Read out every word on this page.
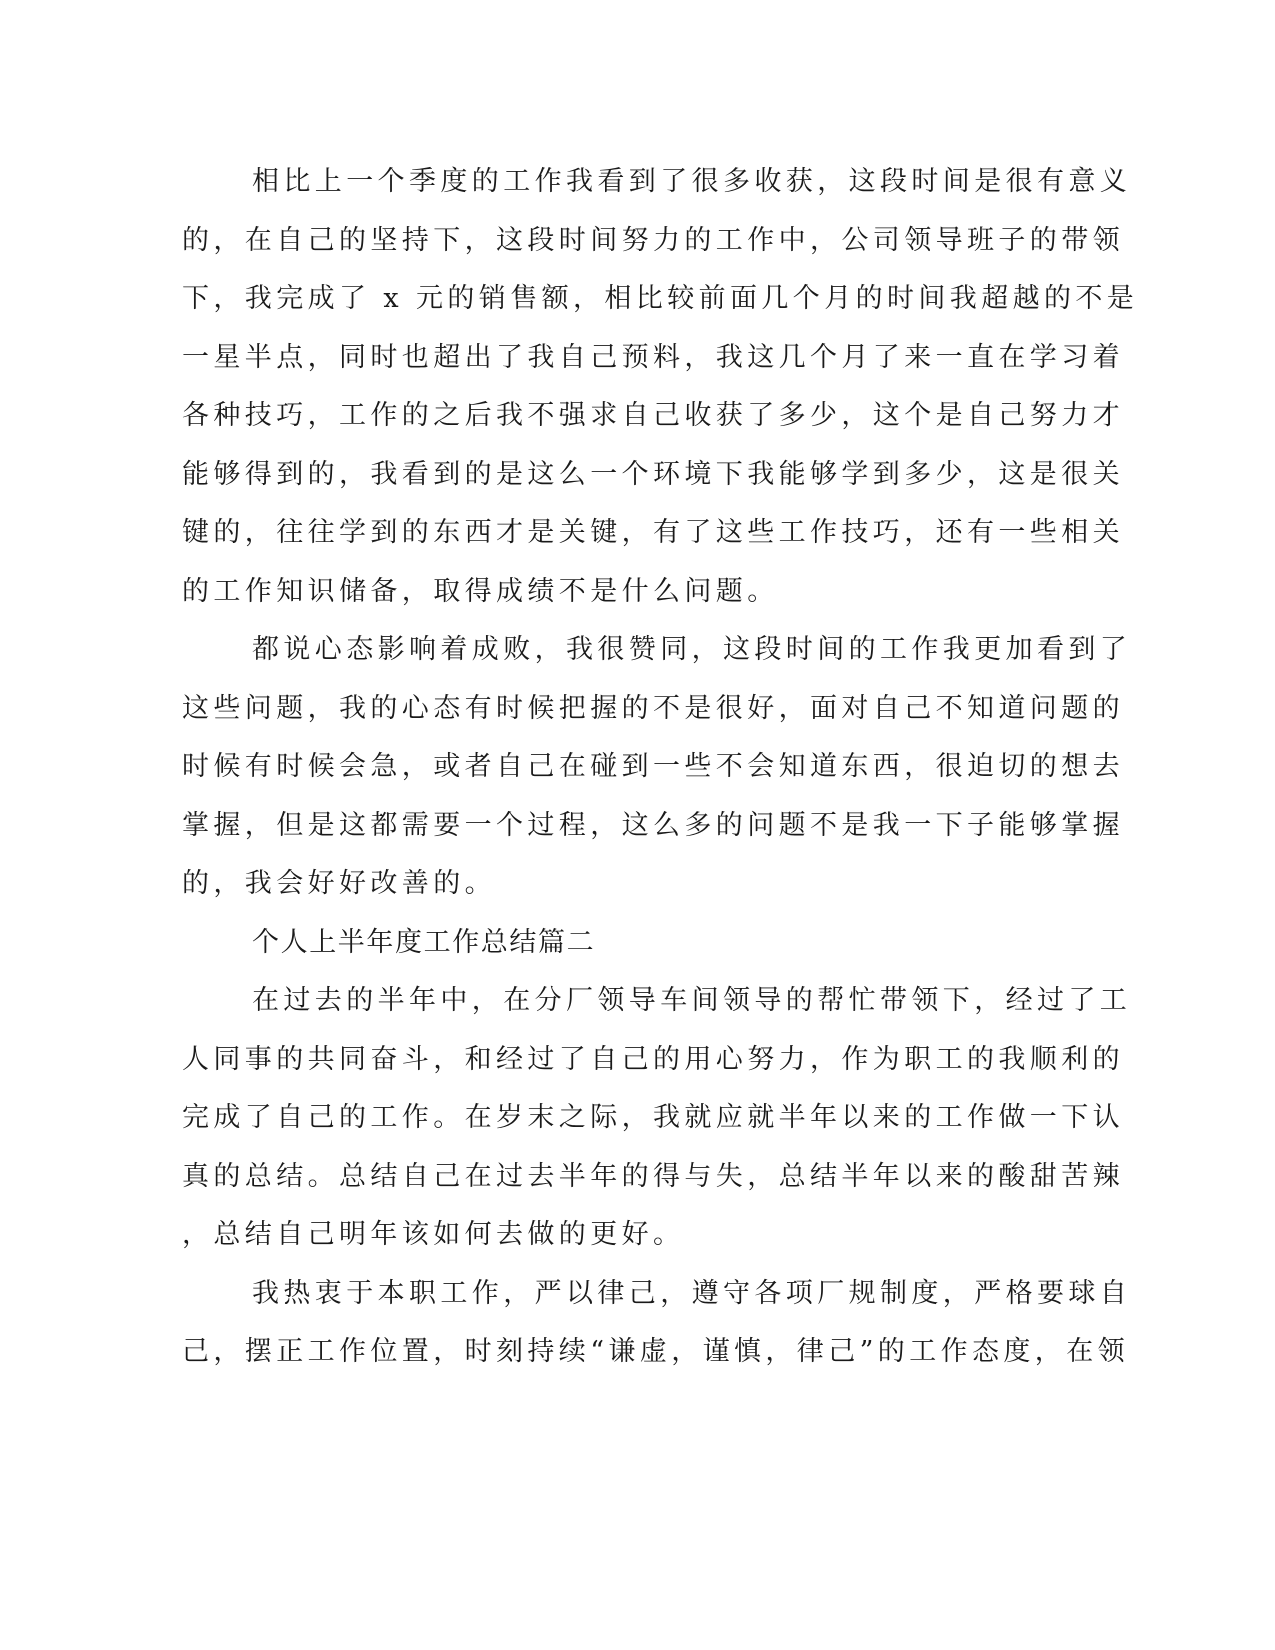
相比上一个季度的工作我看到了很多收获，这段时间是很有意义
的，在自己的坚持下，这段时间努力的工作中，公司领导班子的带领
下，我完成了 x 元的销售额，相比较前面几个月的时间我超越的不是
一星半点，同时也超出了我自己预料，我这几个月了来一直在学习着
各种技巧，工作的之后我不强求自己收获了多少，这个是自己努力才
能够得到的，我看到的是这么一个环境下我能够学到多少，这是很关
键的，往往学到的东西才是关键，有了这些工作技巧，还有一些相关
的工作知识储备，取得成绩不是什么问题。
都说心态影响着成败，我很赞同，这段时间的工作我更加看到了
这些问题，我的心态有时候把握的不是很好，面对自己不知道问题的
时候有时候会急，或者自己在碰到一些不会知道东西，很迫切的想去
掌握，但是这都需要一个过程，这么多的问题不是我一下子能够掌握
的，我会好好改善的。
个人上半年度工作总结篇二
在过去的半年中，在分厂领导车间领导的帮忙带领下，经过了工
人同事的共同奋斗，和经过了自己的用心努力，作为职工的我顺利的
完成了自己的工作。在岁末之际，我就应就半年以来的工作做一下认
真的总结。总结自己在过去半年的得与失，总结半年以来的酸甜苦辣
，总结自己明年该如何去做的更好。
我热衷于本职工作，严以律己，遵守各项厂规制度，严格要球自
己，摆正工作位置，时刻持续“谦虚，谨慎，律己”的工作态度，在领
